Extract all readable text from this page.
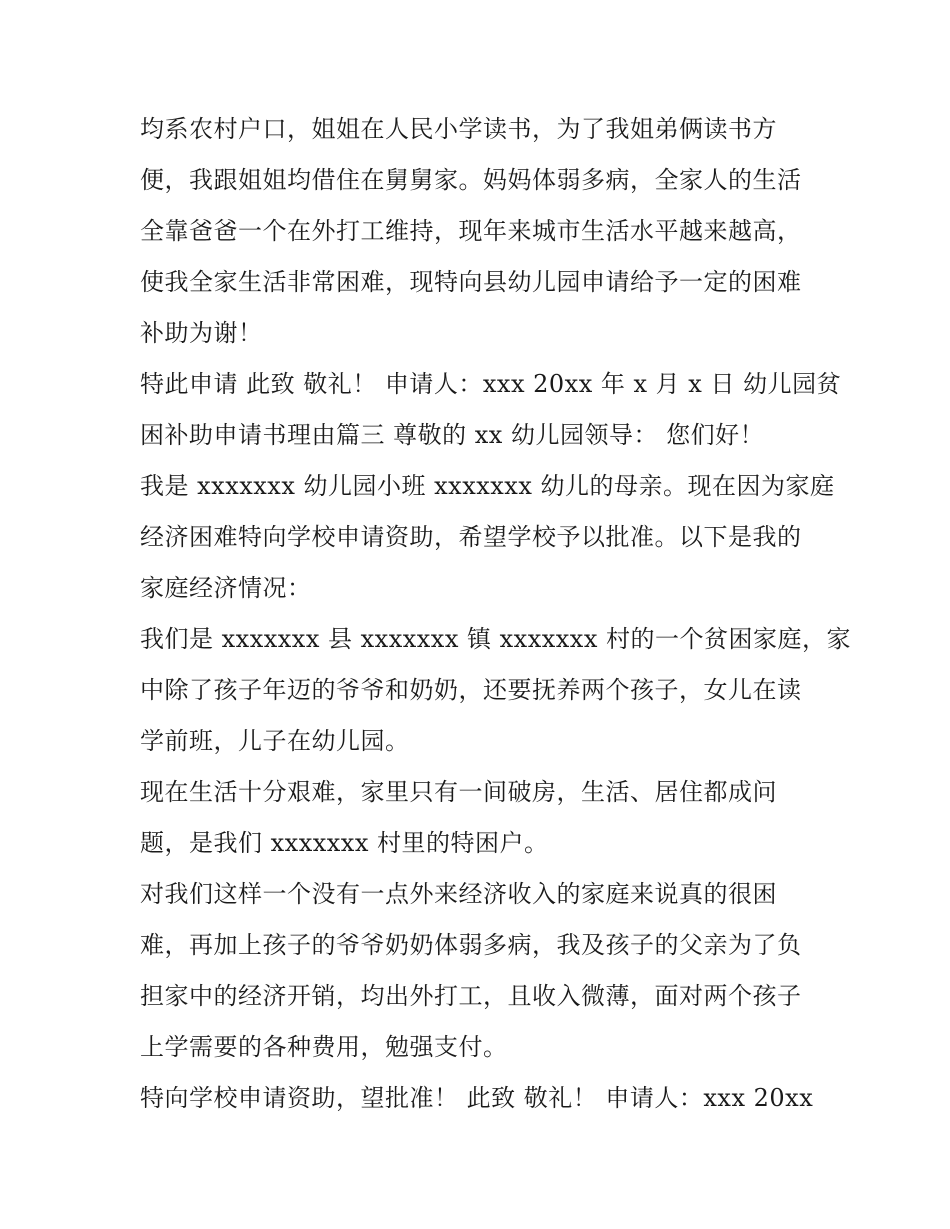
均系农村户口，姐姐在人民小学读书，为了我姐弟俩读书方
便，我跟姐姐均借住在舅舅家。妈妈体弱多病，全家人的生活
全靠爸爸一个在外打工维持，现年来城市生活水平越来越高，
使我全家生活非常困难，现特向县幼儿园申请给予一定的困难
补助为谢！
特此申请 此致 敬礼！ 申请人：xxx 20xx 年 x 月 x 日 幼儿园贫
困补助申请书理由篇三 尊敬的 xx 幼儿园领导： 您们好！
我是 xxxxxxx 幼儿园小班 xxxxxxx 幼儿的母亲。现在因为家庭
经济困难特向学校申请资助，希望学校予以批准。以下是我的
家庭经济情况：
我们是 xxxxxxx 县 xxxxxxx 镇 xxxxxxx 村的一个贫困家庭，家
中除了孩子年迈的爷爷和奶奶，还要抚养两个孩子，女儿在读
学前班，儿子在幼儿园。
现在生活十分艰难，家里只有一间破房，生活、居住都成问
题，是我们 xxxxxxx 村里的特困户。
对我们这样一个没有一点外来经济收入的家庭来说真的很困
难，再加上孩子的爷爷奶奶体弱多病，我及孩子的父亲为了负
担家中的经济开销，均出外打工，且收入微薄，面对两个孩子
上学需要的各种费用，勉强支付。
特向学校申请资助，望批准！ 此致 敬礼！ 申请人：xxx 20xx
